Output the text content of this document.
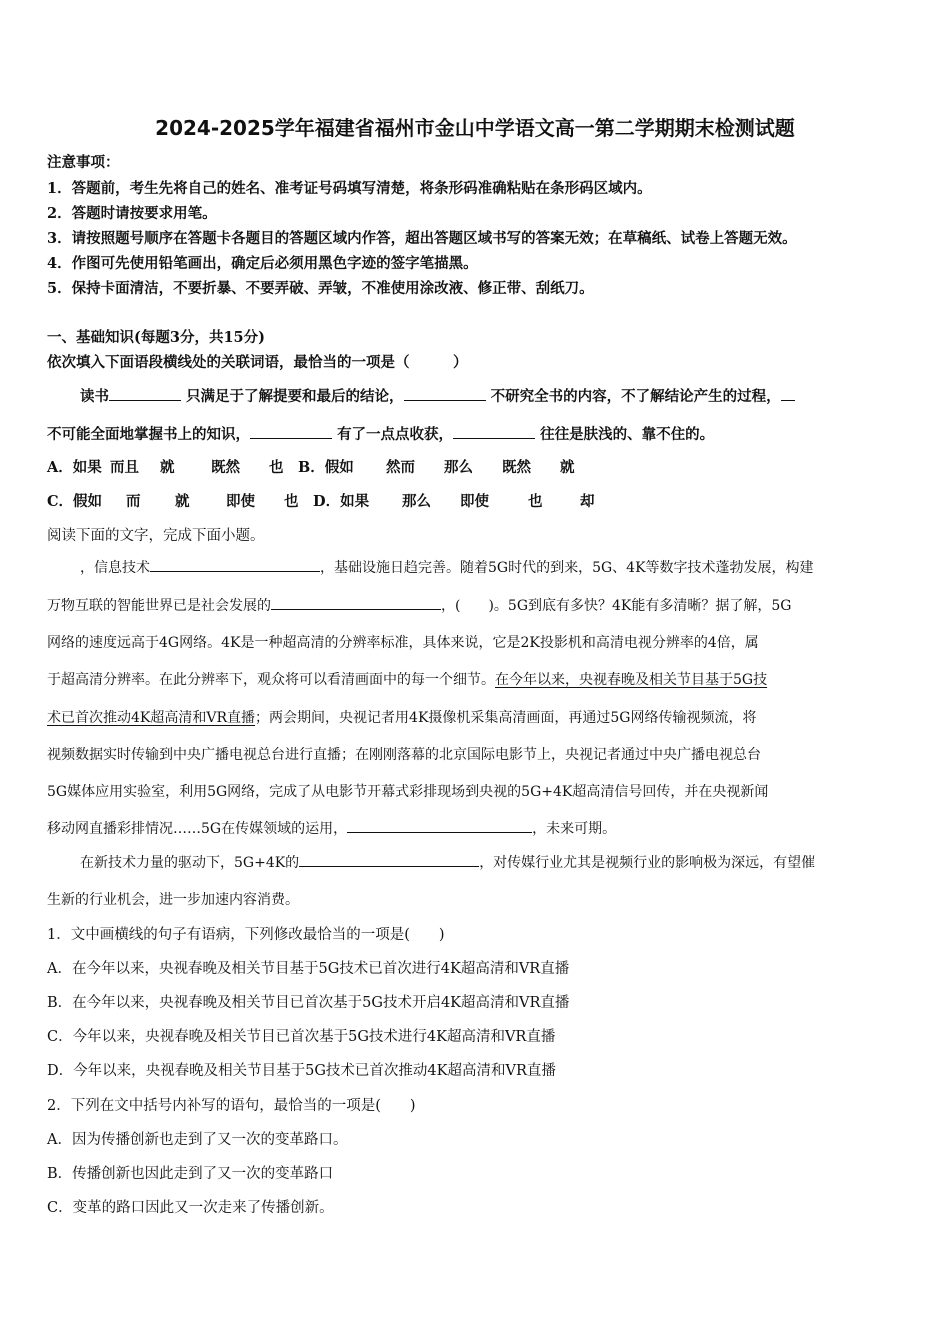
2024-2025学年福建省福州市金山中学语文高一第二学期期末检测试题
注意事项：
1．答题前，考生先将自己的姓名、准考证号码填写清楚，将条形码准确粘贴在条形码区域内。
2．答题时请按要求用笔。
3．请按照题号顺序在答题卡各题目的答题区域内作答，超出答题区域书写的答案无效；在草稿纸、试卷上答题无效。
4．作图可先使用铅笔画出，确定后必须用黑色字迹的签字笔描黑。
5．保持卡面清洁，不要折暴、不要弄破、弄皱，不准使用涂改液、修正带、刮纸刀。
一、基础知识(每题3分，共15分)
依次填入下面语段横线处的关联词语，最恰当的一项是（　　　）
读书	只满足于了解提要和最后的结论，	不研究全书的内容，不了解结论产生的过程，
不可能全面地掌握书上的知识，	有了一点点收获，	往往是肤浅的、靠不住的。
A．如果 而且 就	既然 也 B．假如 然而 那么 既然 就
C．假如 而 就	即使 也 D．如果 那么 即使	也	却
阅读下面的文字，完成下面小题。
，信息技术	，基础设施日趋完善。随着5G时代的到来，5G、4K等数字技术蓬勃发展，构建
万物互联的智能世界已是社会发展的	，(　　)。5G到底有多快？4K能有多清晰？据了解，5G
网络的速度远高于4G网络。4K是一种超高清的分辨率标准，具体来说，它是2K投影机和高清电视分辨率的4倍，属
于超高清分辨率。在此分辨率下，观众将可以看清画面中的每一个细节。在今年以来，央视春晚及相关节目基于5G技
术已首次推动4K超高清和VR直播；两会期间，央视记者用4K摄像机采集高清画面，再通过5G网络传输视频流，将
视频数据实时传输到中央广播电视总台进行直播；在刚刚落幕的北京国际电影节上，央视记者通过中央广播电视总台
5G媒体应用实验室，利用5G网络，完成了从电影节开幕式彩排现场到央视的5G+4K超高清信号回传，并在央视新闻
移动网直播彩排情况……5G在传媒领域的运用，	，未来可期。
在新技术力量的驱动下，5G+4K的	，对传媒行业尤其是视频行业的影响极为深远，有望催
生新的行业机会，进一步加速内容消费。
1．文中画横线的句子有语病，下列修改最恰当的一项是(　　)
A．在今年以来，央视春晚及相关节目基于5G技术已首次进行4K超高清和VR直播
B．在今年以来，央视春晚及相关节目已首次基于5G技术开启4K超高清和VR直播
C．今年以来，央视春晚及相关节目已首次基于5G技术进行4K超高清和VR直播
D．今年以来，央视春晚及相关节目基于5G技术已首次推动4K超高清和VR直播
2．下列在文中括号内补写的语句，最恰当的一项是(　　)
A．因为传播创新也走到了又一次的变革路口。
B．传播创新也因此走到了又一次的变革路口
C．变革的路口因此又一次走来了传播创新。
